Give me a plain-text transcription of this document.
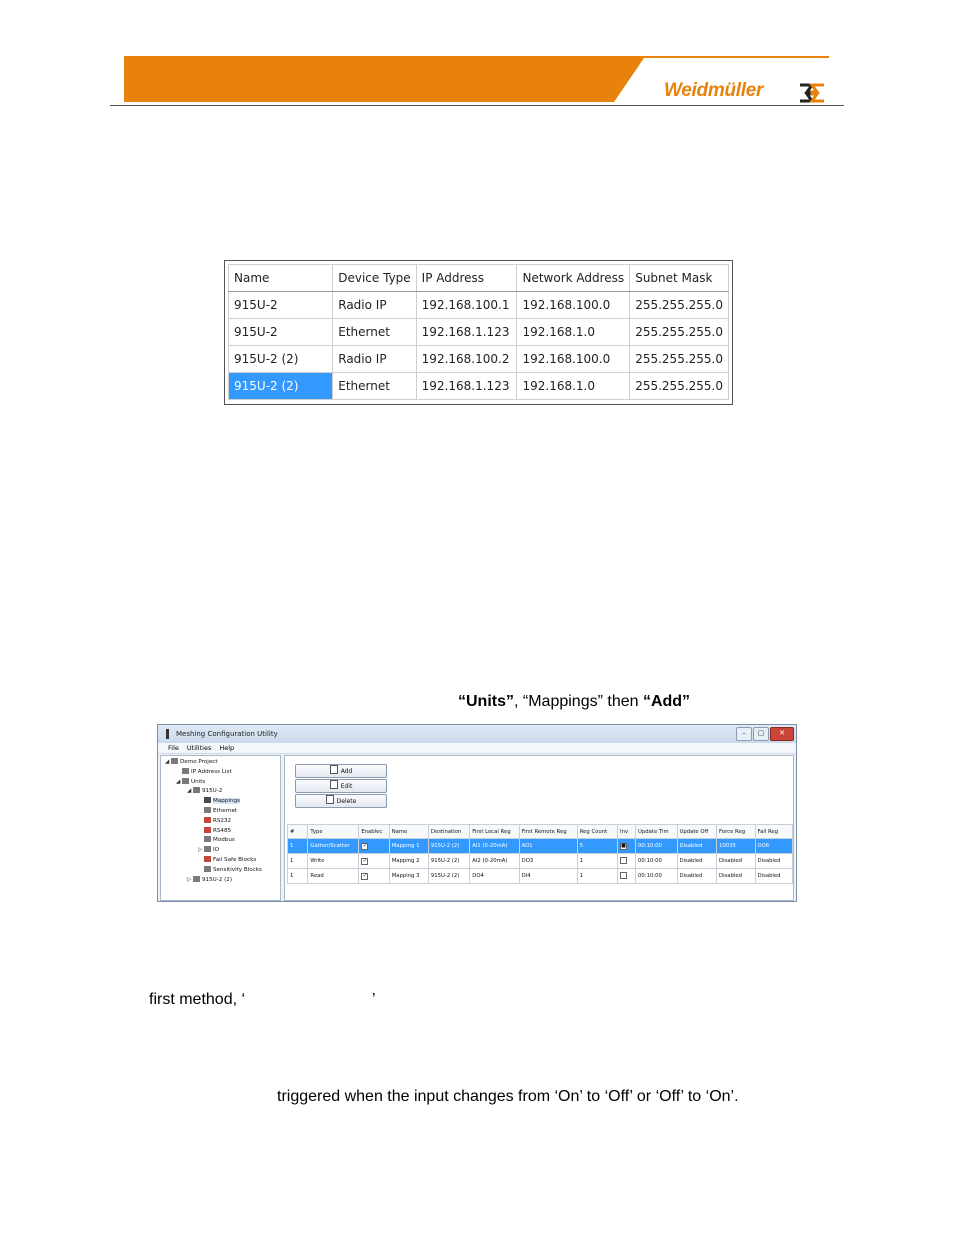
Weidmüller
Name	Device Type	IP Address	Network Address	Subnet Mask
915U-2	Radio IP	192.168.100.1	192.168.100.0	255.255.255.0
915U-2	Ethernet	192.168.1.123	192.168.1.0	255.255.255.0
915U-2 (2)	Radio IP	192.168.100.2	192.168.100.0	255.255.255.0
915U-2 (2)	Ethernet	192.168.1.123	192.168.1.0	255.255.255.0
“Units”, “Mappings” then “Add”
Meshing Configuration Utility	–	▢	✕
File Utilities Help
◢ Demo Project
IP Address List
◢ Units
◢ 915U-2
Mappings
Ethernet
RS232
RS485
Modbus
▷ IO
Fail Safe Blocks
Sensitivity Blocks
▷ 915U-2 (2)
Add
Edit
Delete
#	Type	Enablec	Name	Destination	First Local Reg	First Remote Reg	Reg Count	Inv	Update Tim	Update Off	Force Reg	Fail Reg
1	Gather/Scatter	✓	Mapping 1	915U-2 (2)	AI1 (0-20mA)	AO1	5	■	00:10:00	Disabled	10035	DO6
1	Write	✓	Mapping 2	915U-2 (2)	AI2 (0-20mA)	DO3	1		00:10:00	Disabled	Disabled	Disabled
1	Read	✓	Mapping 3	915U-2 (2)	DO4	DI4	1		00:10:00	Disabled	Disabled	Disabled
first method, ‘	’
triggered when the input changes from ‘On’ to ‘Off’ or ‘Off’ to ‘On’.
